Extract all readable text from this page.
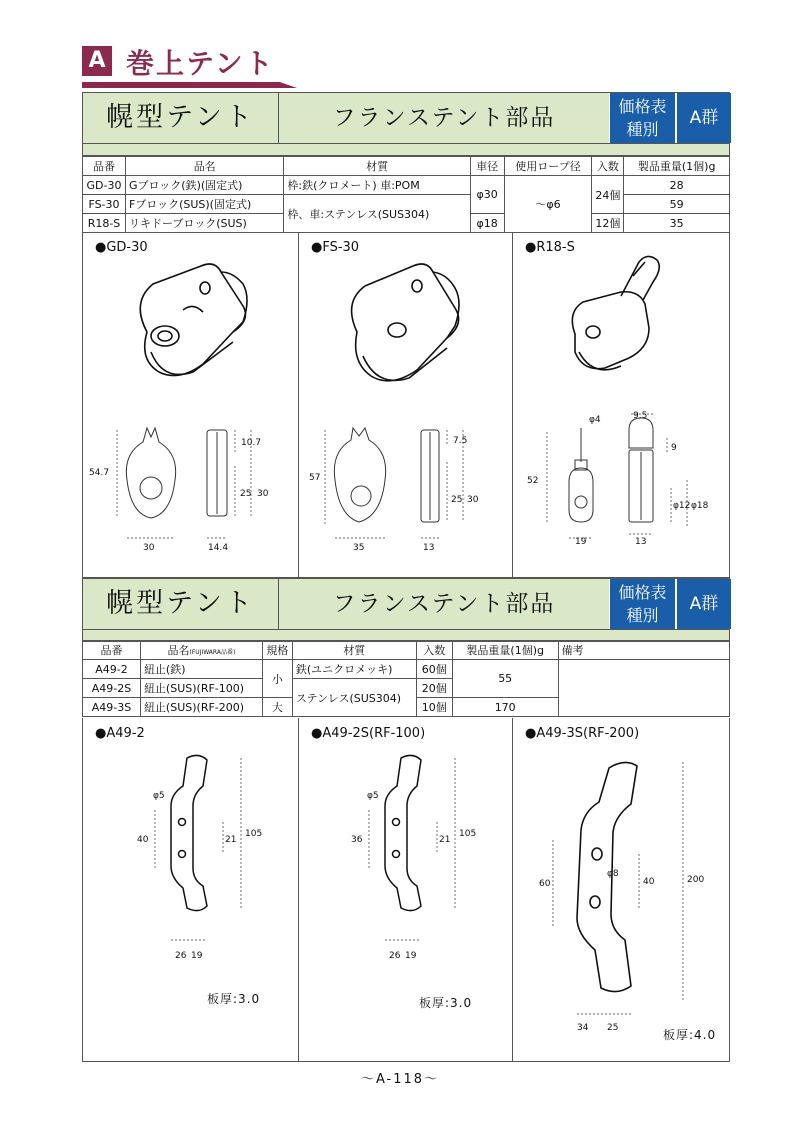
A 巻上テント
幌型テント	フランステント部品	価格表
種別
A群
品番	品名	材質	車径	使用ロープ径	入数	製品重量(1個)g
GD-30	Gブロック(鉄)(固定式)	枠:鉄(クロメート) 車:POM	φ30	～φ6	24個	28
FS-30	Fブロック(SUS)(固定式)	枠、車:ステンレス(SUS304)				59
R18-S	リキドーブロック(SUS)		φ18		12個	35
●GD-30
54.7
10.7
25 30
30	14.4
●FS-30
57
7.5
25 30
35	13
●R18-S
φ4	9.5
9
52
φ12 φ18
19	13
幌型テント	フランステント部品	価格表
種別
A群
品番	品名(FUJIWARA品番)	規格	材質	入数	製品重量(1個)g	備考
A49-2	紐止(鉄)	小	鉄(ユニクロメッキ)	60個	55	
A49-2S	紐止(SUS)(RF-100)		ステンレス(SUS304)	20個		
A49-3S	紐止(SUS)(RF-200)	大		10個	170	
●A49-2
φ5
40	21
105
26 19
板厚:3.0
●A49-2S(RF-100)
φ5
36	21
105
26 19
板厚:3.0
●A49-3S(RF-200)
φ8
60	40	200
34 25	板厚:4.0
～A-118～
